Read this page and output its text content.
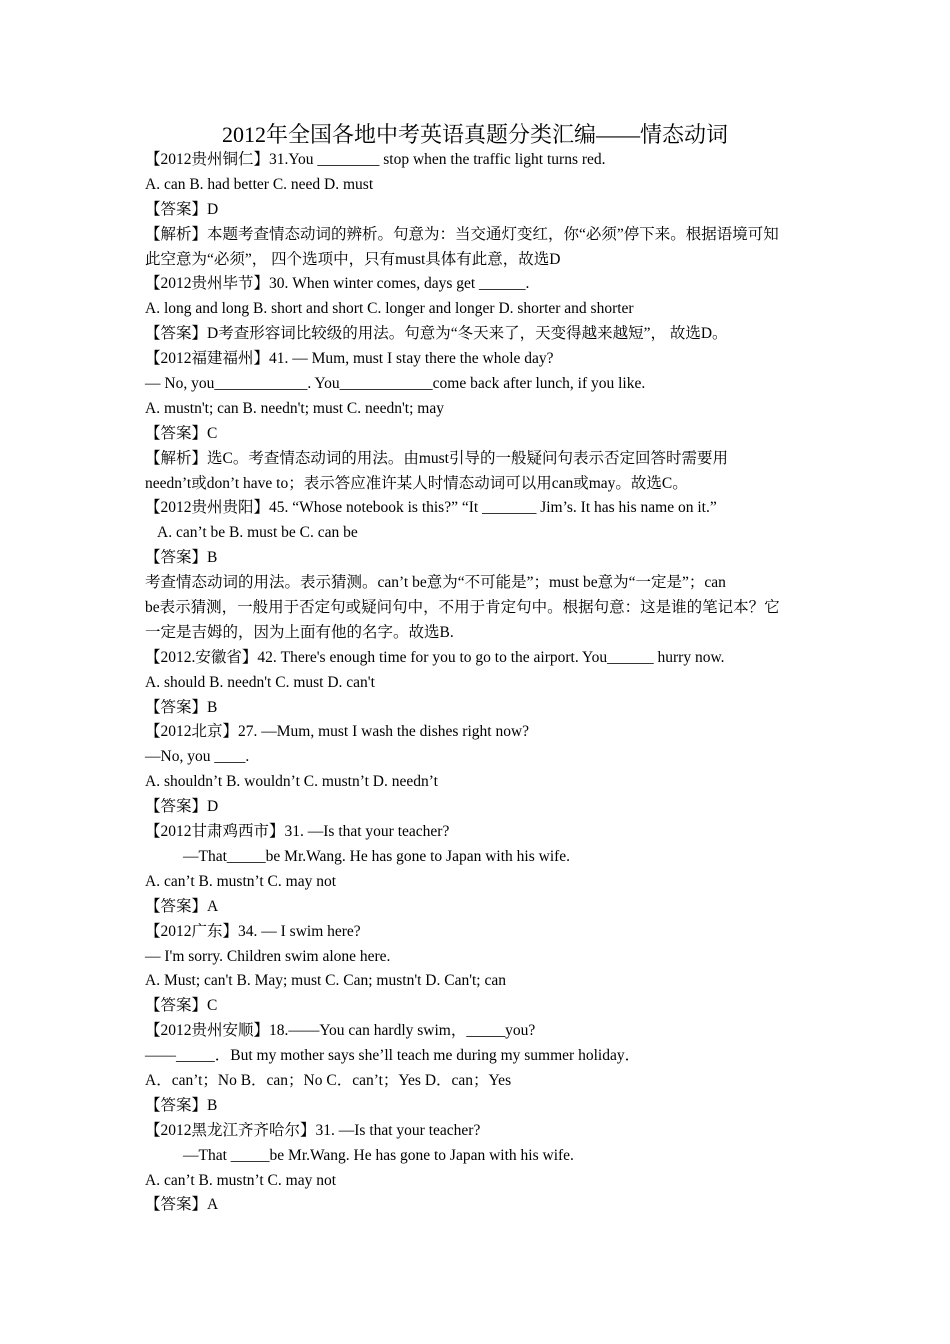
2012年全国各地中考英语真题分类汇编——情态动词
【2012贵州铜仁】31.You ________ stop when the traffic light turns red.
A. can B. had better C. need D. must
【答案】D
【解析】本题考查情态动词的辨析。句意为：当交通灯变红，你“必须”停下来。根据语境可知
此空意为“必须”， 四个选项中，只有must具体有此意，故选D
【2012贵州毕节】30. When winter comes, days get ______.
A. long and long B. short and short C. longer and longer D. shorter and shorter
【答案】D考查形容词比较级的用法。句意为“冬天来了，天变得越来越短”， 故选D。
【2012福建福州】41. — Mum, must I stay there the whole day?
— No, you____________. You____________come back after lunch, if you like.
A. mustn't; can B. needn't; must C. needn't; may
【答案】C
【解析】选C。考查情态动词的用法。由must引导的一般疑问句表示否定回答时需要用
needn’t或don’t have to；表示答应准许某人时情态动词可以用can或may。故选C。
【2012贵州贵阳】45. “Whose notebook is this?” “It _______ Jim’s. It has his name on it.”
A. can’t be B. must be C. can be
【答案】B
考查情态动词的用法。表示猜测。can’t be意为“不可能是”；must be意为“一定是”；can
be表示猜测，一般用于否定句或疑问句中，不用于肯定句中。根据句意：这是谁的笔记本？它
一定是吉姆的，因为上面有他的名字。故选B.
【2012.安徽省】42. There's enough time for you to go to the airport. You______ hurry now.
A. should B. needn't C. must D. can't
【答案】B
【2012北京】27. —Mum, must I wash the dishes right now?
—No, you ____.
A. shouldn’t B. wouldn’t C. mustn’t D. needn’t
【答案】D
【2012甘肃鸡西市】31. —Is that your teacher?
—That_____be Mr.Wang. He has gone to Japan with his wife.
A. can’t B. mustn’t C. may not
【答案】A
【2012广东】34. — I swim here?
— I'm sorry. Children swim alone here.
A. Must; can't B. May; must C. Can; mustn't D. Can't; can
【答案】C
【2012贵州安顺】18.——You can hardly swim，_____you?
——_____．But my mother says she’ll teach me during my summer holiday．
A．can’t；No B．can；No C．can’t；Yes D．can；Yes
【答案】B
【2012黑龙江齐齐哈尔】31. —Is that your teacher?
—That _____be Mr.Wang. He has gone to Japan with his wife.
A. can’t B. mustn’t C. may not
【答案】A
